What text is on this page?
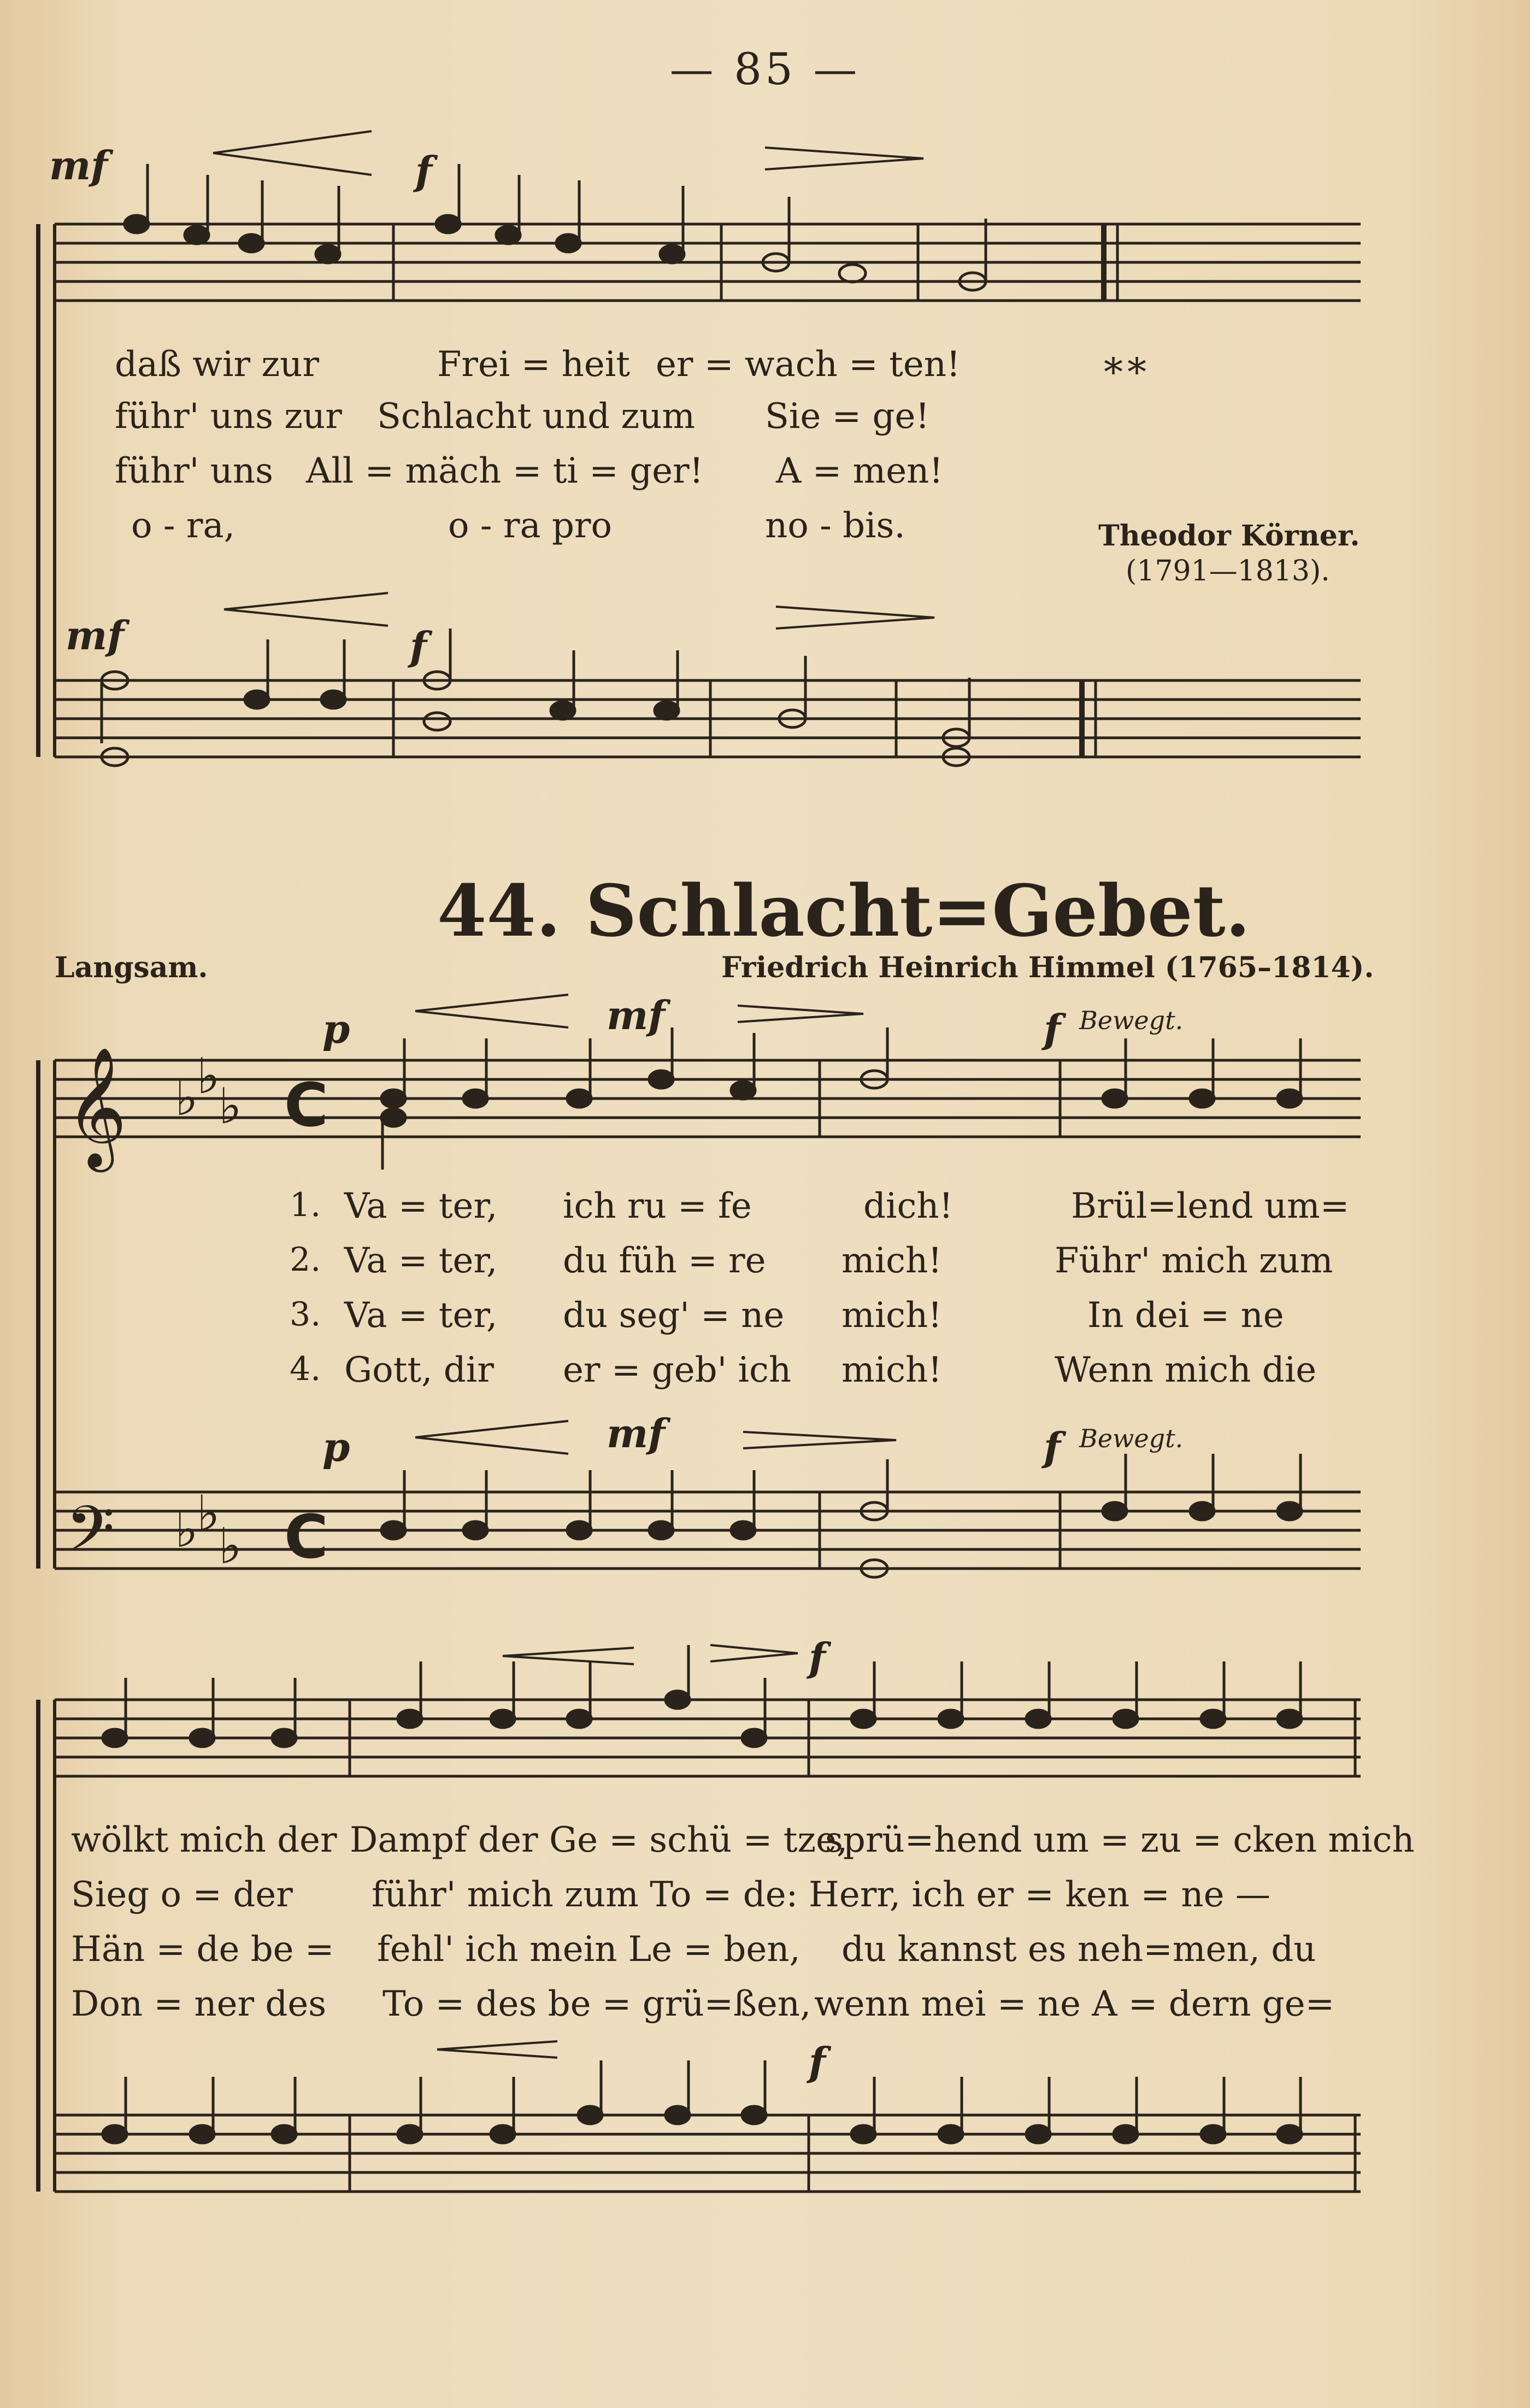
— 85 —
𝄞
𝄢
♭
♭
♭
♭
♭
♭
C
C
mf	f
mf	f
daß wir zur	Frei = heit er = wach = ten!
führ' uns zur Schlacht und zum Sie = ge!
führ' uns All = mäch = ti = ger! A = men!
o - ra,	o - ra pro	no - bis.
**
Theodor Körner.
(1791—1813).
44. Schlacht=Gebet.
Langsam.	Friedrich Heinrich Himmel (1765–1814).
p	mf	f Bewegt.
p	mf	f Bewegt.
1.
2.
3.
4.
Va = ter, ich ru = fe	dich!	Brül=lend um=
Va = ter, du füh = re mich!	Führ' mich zum
Va = ter, du seg' = ne mich!	In dei = ne
Gott, dir er = geb' ich mich!	Wenn mich die
f
f
wölkt mich der Dampf der Ge = schü = tze,
sprü=hend um = zu = cken mich
Sieg o = der führ' mich zum To = de: Herr, ich er = ken = ne —
Hän = de be = fehl' ich mein Le = ben, du kannst es neh=men, du
Don = ner des To = des be = grü=ßen, wenn mei = ne A = dern ge=
